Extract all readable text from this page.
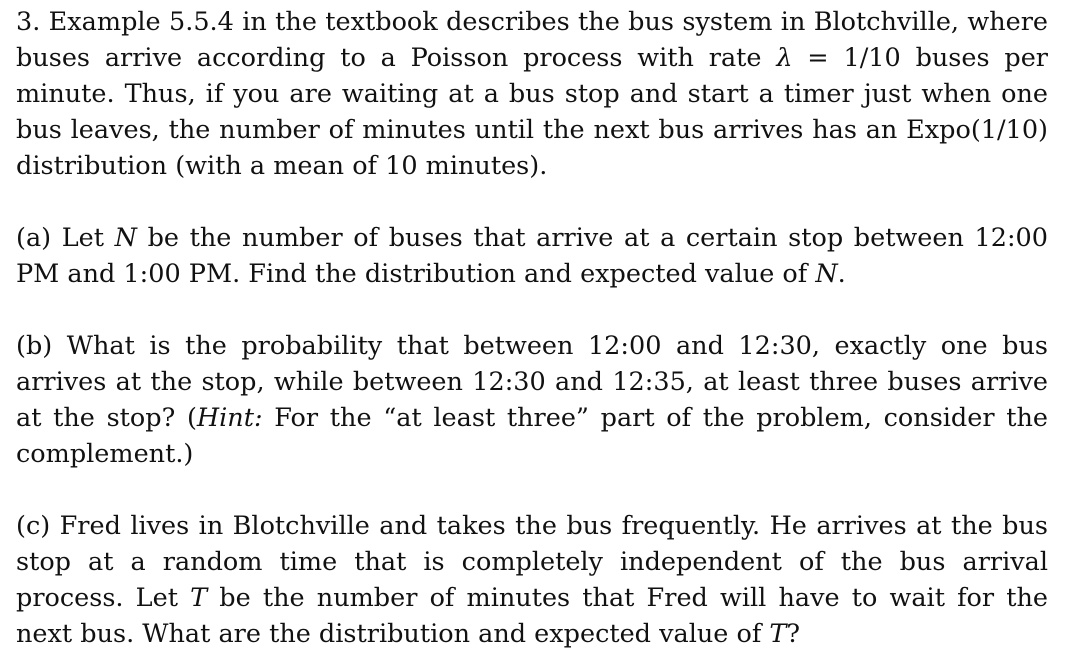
3. Example 5.5.4 in the textbook describes the bus system in Blotchville, where buses arrive according to a Poisson process with rate λ = 1/10 buses per minute. Thus, if you are waiting at a bus stop and start a timer just when one bus leaves, the number of minutes until the next bus arrives has an Expo(1/10) distribution (with a mean of 10 minutes).

(a) Let N be the number of buses that arrive at a certain stop between 12:00 PM and 1:00 PM. Find the distribution and expected value of N.

(b) What is the probability that between 12:00 and 12:30, exactly one bus arrives at the stop, while between 12:30 and 12:35, at least three buses arrive at the stop? (Hint: For the “at least three” part of the problem, consider the complement.)

(c) Fred lives in Blotchville and takes the bus frequently. He arrives at the bus stop at a random time that is completely independent of the bus arrival process. Let T be the number of minutes that Fred will have to wait for the next bus. What are the distribution and expected value of T?
